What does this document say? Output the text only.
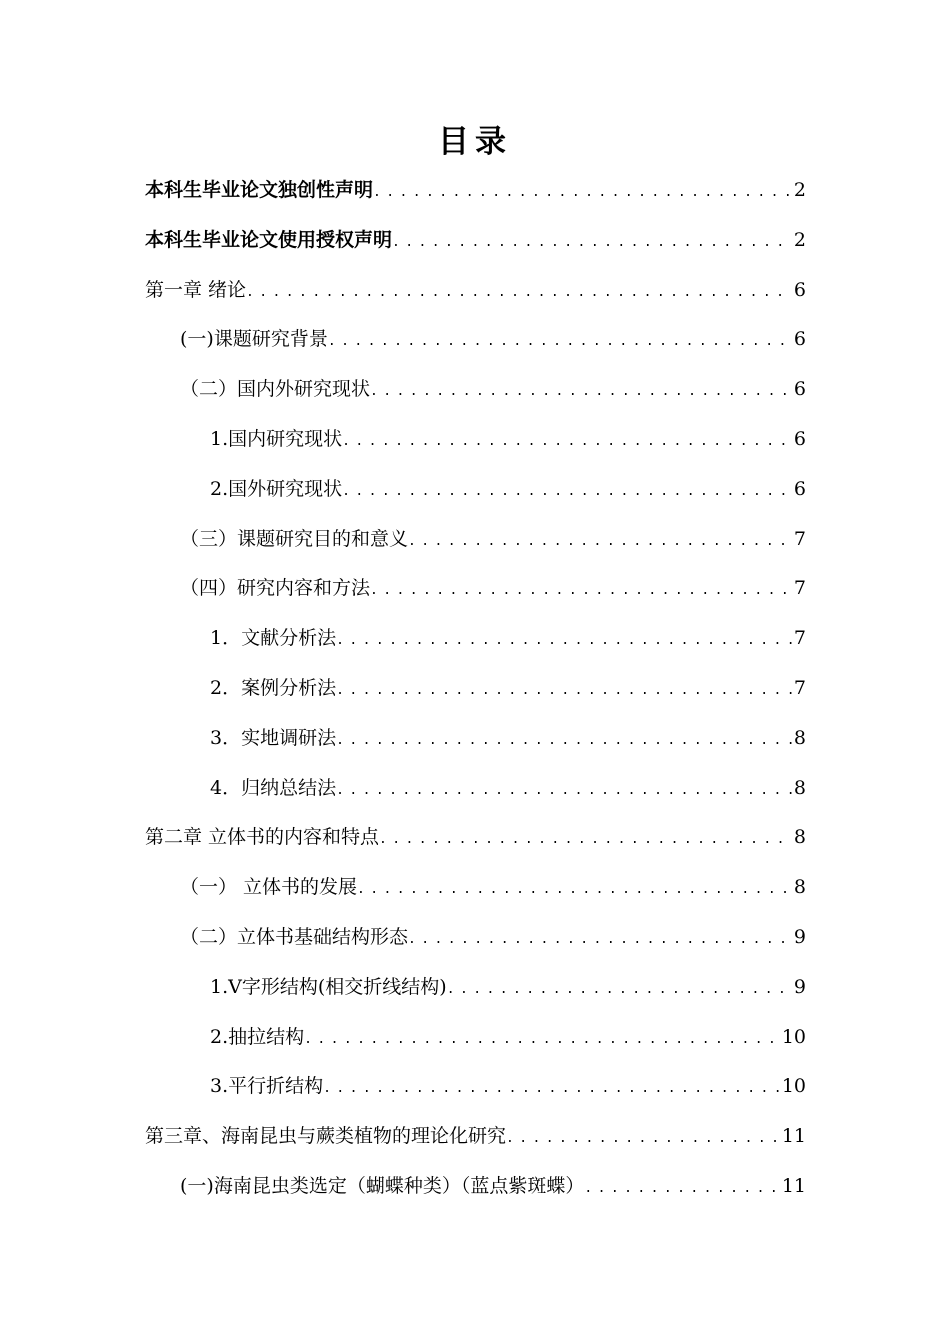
目录
本科生毕业论文独创性声明 . . .	2
本科生毕业论文使用授权声明 . . .	2
第一章 绪论 . . .	6
(一)课题研究背景 . . .	6
（二）国内外研究现状 . . .	6
1.国内研究现状 . . .	6
2.国外研究现状 . . .	6
（三）课题研究目的和意义 . . .	7
（四）研究内容和方法 . . .	7
1．文献分析法 . . .	7
2．案例分析法 . . .	7
3．实地调研法 . . .	8
4．归纳总结法 . . .	8
第二章 立体书的内容和特点 . . .	8
（一） 立体书的发展 . . .	8
（二）立体书基础结构形态 . . .	9
1.V字形结构(相交折线结构) . . .	9
2.抽拉结构 . . .	10
3.平行折结构 . . .	10
第三章、海南昆虫与蕨类植物的理论化研究 . . .	11
(一)海南昆虫类选定（蝴蝶种类）（蓝点紫斑蝶） . . .	11
